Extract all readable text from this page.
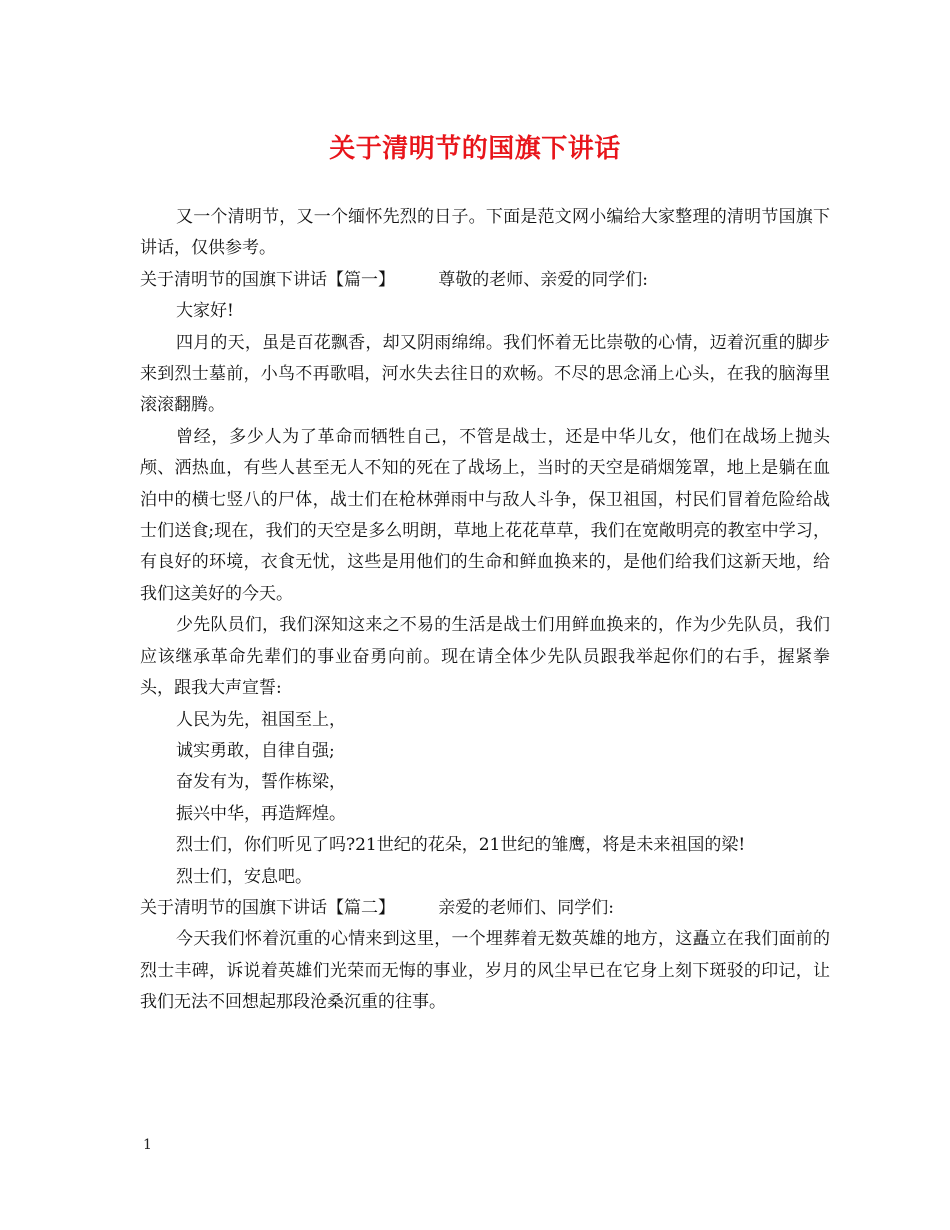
关于清明节的国旗下讲话

又一个清明节，又一个缅怀先烈的日子。下面是范文网小编给大家整理的清明节国旗下讲话，仅供参考。

关于清明节的国旗下讲话【篇一】        尊敬的老师、亲爱的同学们:

大家好!

四月的天，虽是百花飘香，却又阴雨绵绵。我们怀着无比崇敬的心情，迈着沉重的脚步来到烈士墓前，小鸟不再歌唱，河水失去往日的欢畅。不尽的思念涌上心头，在我的脑海里滚滚翻腾。

曾经，多少人为了革命而牺牲自己，不管是战士，还是中华儿女，他们在战场上抛头颅、洒热血，有些人甚至无人不知的死在了战场上，当时的天空是硝烟笼罩，地上是躺在血泊中的横七竖八的尸体，战士们在枪林弹雨中与敌人斗争，保卫祖国，村民们冒着危险给战士们送食;现在，我们的天空是多么明朗，草地上花花草草，我们在宽敞明亮的教室中学习，有良好的环境，衣食无忧，这些是用他们的生命和鲜血换来的，是他们给我们这新天地，给我们这美好的今天。

少先队员们，我们深知这来之不易的生活是战士们用鲜血换来的，作为少先队员，我们应该继承革命先辈们的事业奋勇向前。现在请全体少先队员跟我举起你们的右手，握紧拳头，跟我大声宣誓:

人民为先，祖国至上，

诚实勇敢，自律自强;

奋发有为，誓作栋梁，

振兴中华，再造辉煌。

烈士们，你们听见了吗?21世纪的花朵，21世纪的雏鹰，将是未来祖国的梁!

烈士们，安息吧。

关于清明节的国旗下讲话【篇二】        亲爱的老师们、同学们:

今天我们怀着沉重的心情来到这里，一个埋葬着无数英雄的地方，这矗立在我们面前的烈士丰碑，诉说着英雄们光荣而无悔的事业，岁月的风尘早已在它身上刻下斑驳的印记，让我们无法不回想起那段沧桑沉重的往事。

1
